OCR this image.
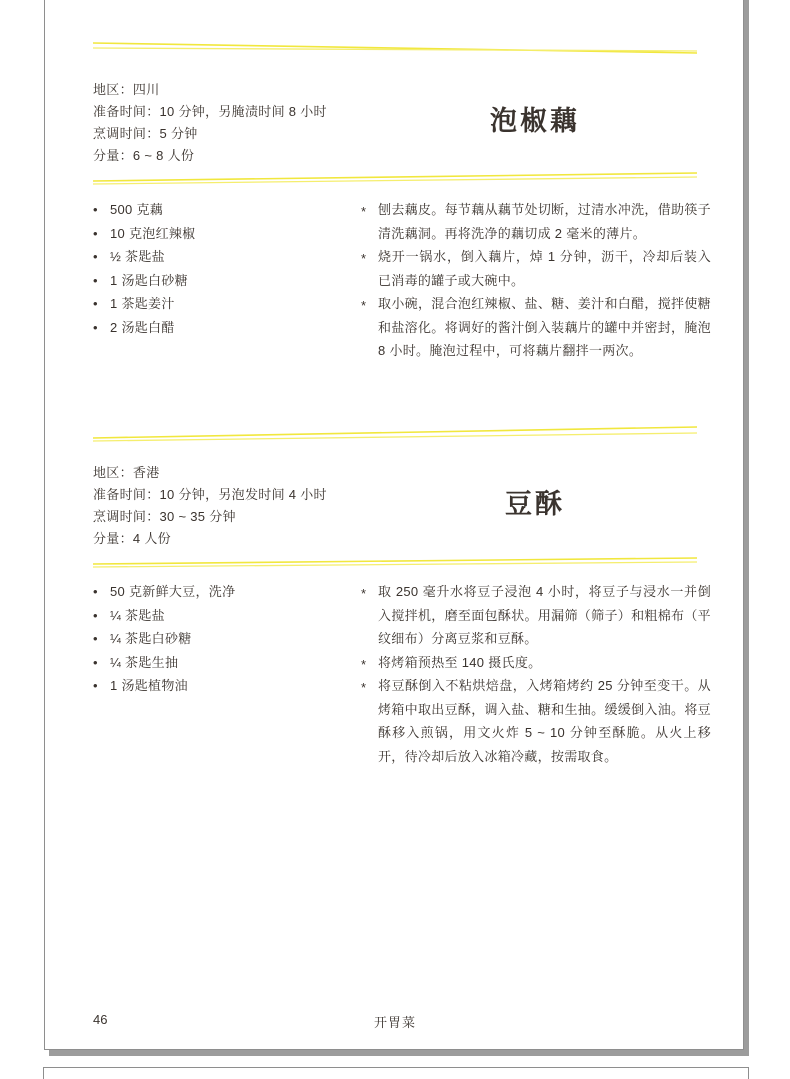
地区：四川
准备时间：10 分钟，另腌渍时间 8 小时
烹调时间：5 分钟
分量：6 ~ 8 人份
泡椒藕
• 500 克藕
• 10 克泡红辣椒
• ½ 茶匙盐
• 1 汤匙白砂糖
• 1 茶匙姜汁
• 2 汤匙白醋
* 刨去藕皮。每节藕从藕节处切断，过清水冲洗，借助筷子清洗藕洞。再将洗净的藕切成 2 毫米的薄片。
* 烧开一锅水，倒入藕片，焯 1 分钟，沥干，冷却后装入已消毒的罐子或大碗中。
* 取小碗，混合泡红辣椒、盐、糖、姜汁和白醋，搅拌使糖和盐溶化。将调好的酱汁倒入装藕片的罐中并密封，腌泡 8 小时。腌泡过程中，可将藕片翻拌一两次。
地区：香港
准备时间：10 分钟，另泡发时间 4 小时
烹调时间：30 ~ 35 分钟
分量：4 人份
豆酥
• 50 克新鲜大豆，洗净
• ¼ 茶匙盐
• ¼ 茶匙白砂糖
• ¼ 茶匙生抽
• 1 汤匙植物油
* 取 250 毫升水将豆子浸泡 4 小时，将豆子与浸水一并倒入搅拌机，磨至面包酥状。用漏筛（筛子）和粗棉布（平纹细布）分离豆浆和豆酥。
* 将烤箱预热至 140 摄氏度。
* 将豆酥倒入不粘烘焙盘，入烤箱烤约 25 分钟至变干。从烤箱中取出豆酥，调入盐、糖和生抽。缓缓倒入油。将豆酥移入煎锅，用文火炸 5 ~ 10 分钟至酥脆。从火上移开，待冷却后放入冰箱冷藏，按需取食。
46	开胃菜
